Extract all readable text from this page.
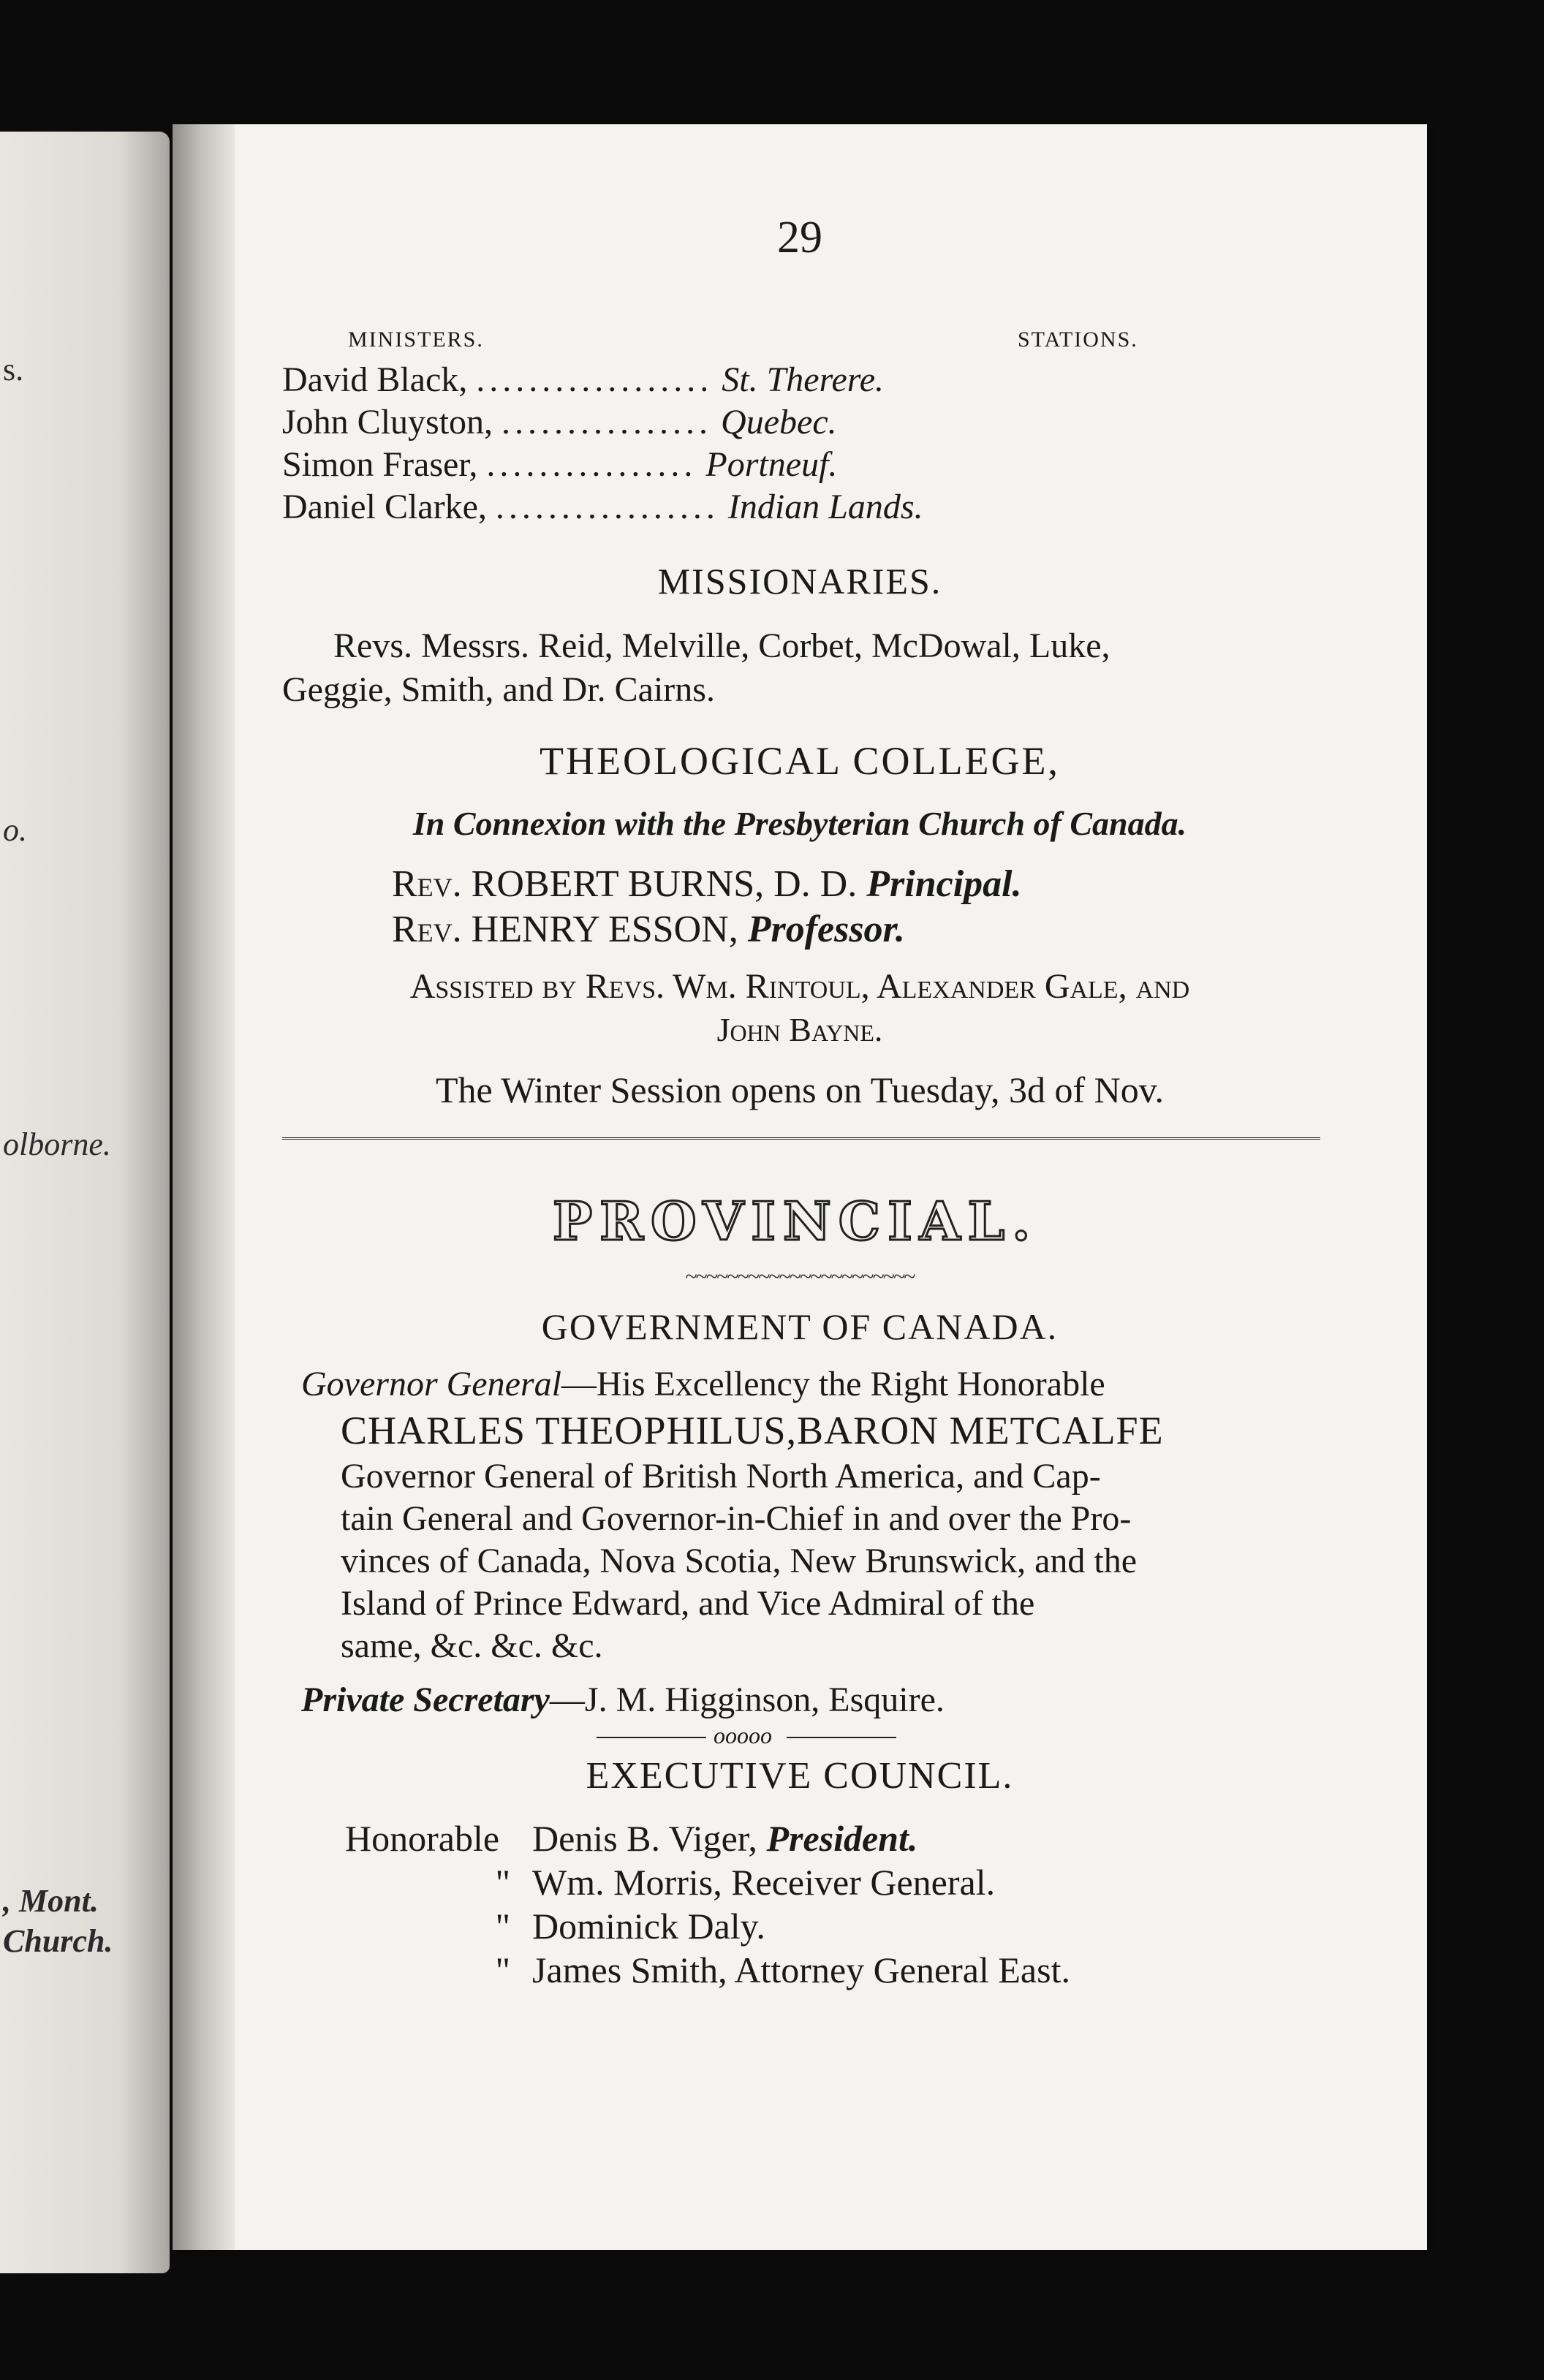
s.
o.
olborne.
, Mont.
Church.
29
MINISTERS.	STATIONS.
David Black, .................. St. Therere.
John Cluyston, ................ Quebec.
Simon Fraser, ................ Portneuf.
Daniel Clarke, ................. Indian Lands.
MISSIONARIES.
Revs. Messrs. Reid, Melville, Corbet, McDowal, Luke,
Geggie, Smith, and Dr. Cairns.
THEOLOGICAL COLLEGE,
In Connexion with the Presbyterian Church of Canada.
Rev. ROBERT BURNS, D. D. Principal.
Rev. HENRY ESSON, Professor.
Assisted by Revs. Wm. Rintoul, Alexander Gale, and
John Bayne.
The Winter Session opens on Tuesday, 3d of Nov.
PROVINCIAL.
~~~~~~~~~~~~~~~~~~~~~~
GOVERNMENT OF CANADA.
Governor General—His Excellency the Right Honorable
CHARLES THEOPHILUS,BARON METCALFE
Governor General of British North America, and Cap-
tain General and Governor-in-Chief in and over the Pro-
vinces of Canada, Nova Scotia, New Brunswick, and the
Island of Prince Edward, and Vice Admiral of the
same, &c. &c. &c.
Private Secretary—J. M. Higginson, Esquire.
ooooo
EXECUTIVE COUNCIL.
Honorable Denis B. Viger, President.
" Wm. Morris, Receiver General.
" Dominick Daly.
" James Smith, Attorney General East.
